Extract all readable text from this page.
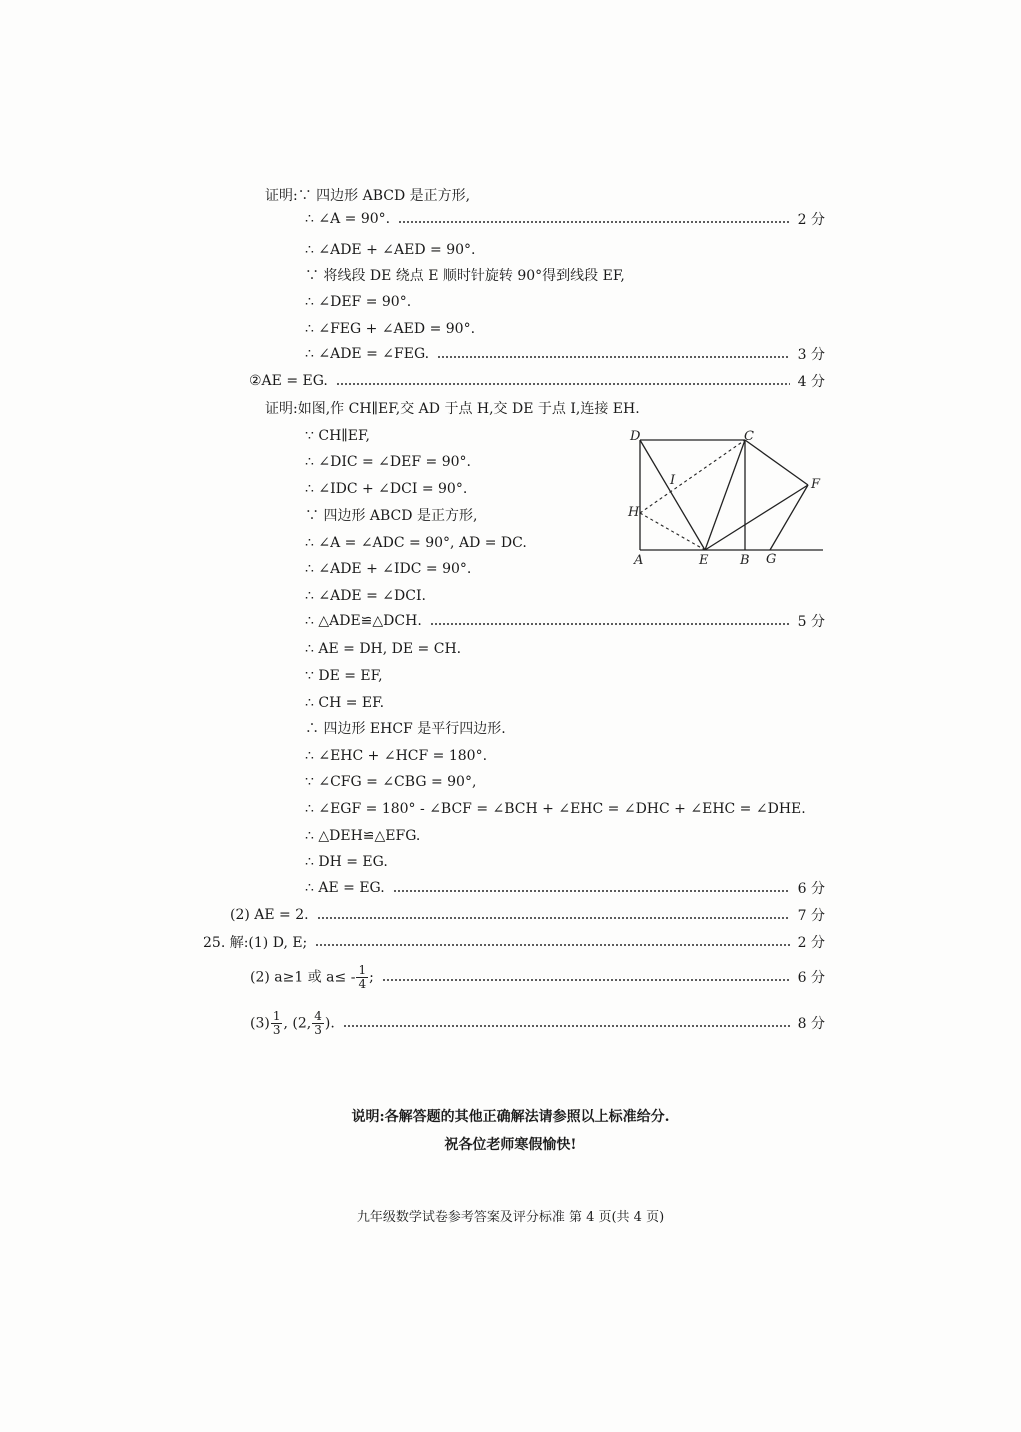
证明:∵ 四边形 ABCD 是正方形,
∴ ∠A = 90°.	2 分
∴ ∠ADE + ∠AED = 90°.
∵ 将线段 DE 绕点 E 顺时针旋转 90°得到线段 EF,
∴ ∠DEF = 90°.
∴ ∠FEG + ∠AED = 90°.
∴ ∠ADE = ∠FEG.	3 分
②AE = EG.	4 分
证明:如图,作 CH∥EF,交 AD 于点 H,交 DE 于点 I,连接 EH.
∵ CH∥EF,
∴ ∠DIC = ∠DEF = 90°.
∴ ∠IDC + ∠DCI = 90°.
∵ 四边形 ABCD 是正方形,
∴ ∠A = ∠ADC = 90°, AD = DC.
∴ ∠ADE + ∠IDC = 90°.
∴ ∠ADE = ∠DCI.
∴ △ADE≌△DCH.	5 分
∴ AE = DH, DE = CH.
∵ DE = EF,
∴ CH = EF.
∴ 四边形 EHCF 是平行四边形.
∴ ∠EHC + ∠HCF = 180°.
∵ ∠CFG = ∠CBG = 90°,
∴ ∠EGF = 180° - ∠BCF = ∠BCH + ∠EHC = ∠DHC + ∠EHC = ∠DHE.
∴ △DEH≌△EFG.
∴ DH = EG.
∴ AE = EG.	6 分
(2) AE = 2.	7 分
25. 解:(1) D, E;	2 分
(2) a≥1 或 $a\le - \frac{1}{4}$ ;	6 分
$(3) \frac{1}{3}$ , (2, $\frac{4}{3}$ ).	8 分
D	C
I	F
H
A	E B G
说明:各解答题的其他正确解法请参照以上标准给分.
祝各位老师寒假愉快!
九年级数学试卷参考答案及评分标准 第 4 页(共 4 页)
